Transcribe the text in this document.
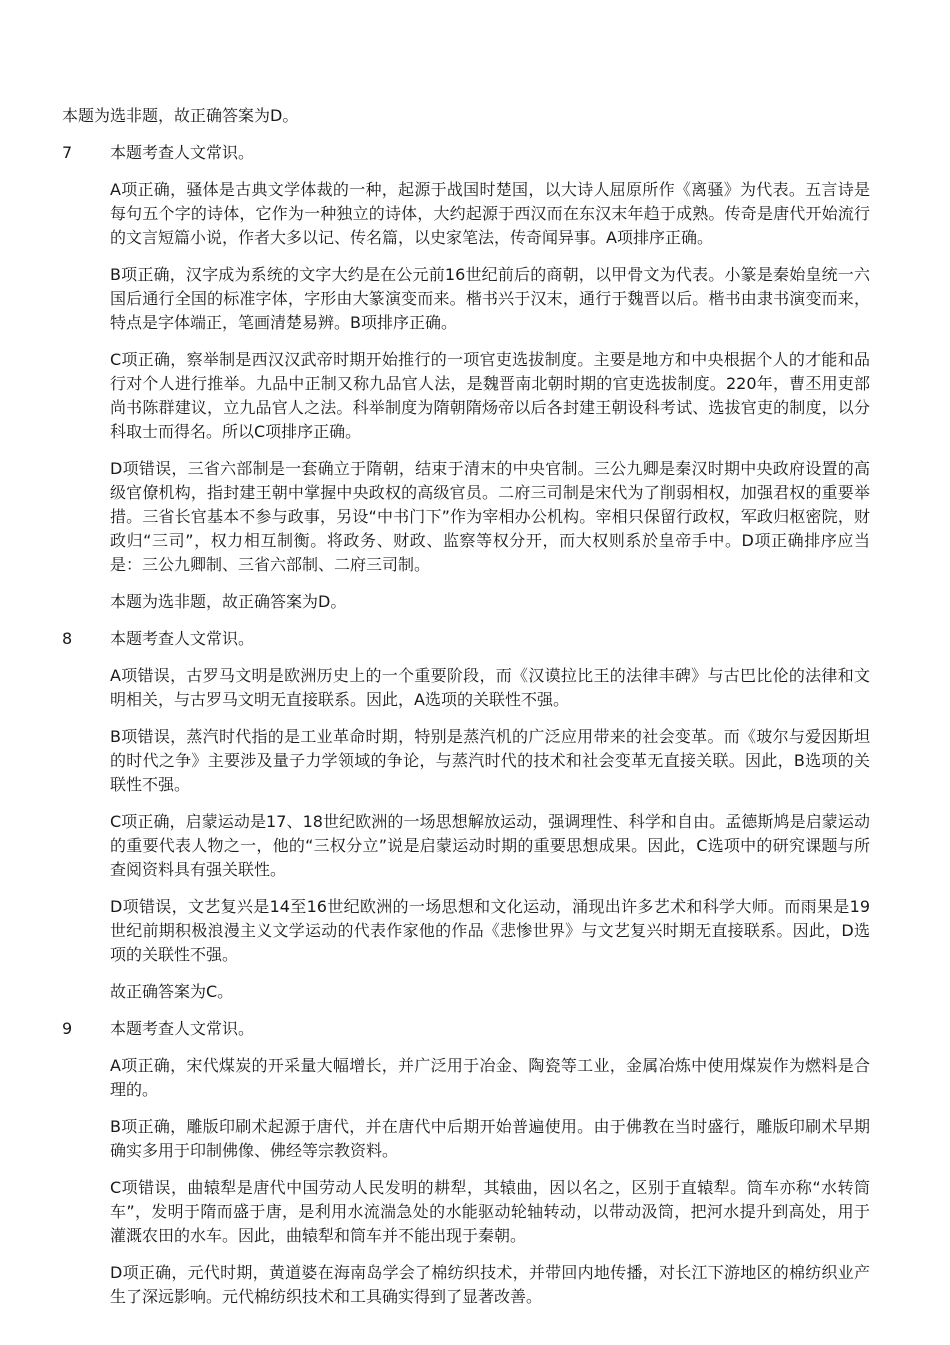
本题为选非题，故正确答案为D。

7	本题考查人文常识。

A项正确，骚体是古典文学体裁的一种，起源于战国时楚国，以大诗人屈原所作《离骚》为代表。五言诗是每句五个字的诗体，它作为一种独立的诗体，大约起源于西汉而在东汉末年趋于成熟。传奇是唐代开始流行的文言短篇小说，作者大多以记、传名篇，以史家笔法，传奇闻异事。A项排序正确。

B项正确，汉字成为系统的文字大约是在公元前16世纪前后的商朝，以甲骨文为代表。小篆是秦始皇统一六国后通行全国的标准字体，字形由大篆演变而来。楷书兴于汉末，通行于魏晋以后。楷书由隶书演变而来，特点是字体端正，笔画清楚易辨。B项排序正确。

C项正确，察举制是西汉汉武帝时期开始推行的一项官吏选拔制度。主要是地方和中央根据个人的才能和品行对个人进行推举。九品中正制又称九品官人法，是魏晋南北朝时期的官吏选拔制度。220年，曹丕用吏部尚书陈群建议，立九品官人之法。科举制度为隋朝隋炀帝以后各封建王朝设科考试、选拔官吏的制度，以分科取士而得名。所以C项排序正确。

D项错误，三省六部制是一套确立于隋朝，结束于清末的中央官制。三公九卿是秦汉时期中央政府设置的高级官僚机构，指封建王朝中掌握中央政权的高级官员。二府三司制是宋代为了削弱相权，加强君权的重要举措。三省长官基本不参与政事，另设“中书门下”作为宰相办公机构。宰相只保留行政权，军政归枢密院，财政归“三司”，权力相互制衡。将政务、财政、监察等权分开，而大权则系於皇帝手中。D项正确排序应当是：三公九卿制、三省六部制、二府三司制。

本题为选非题，故正确答案为D。

8	本题考查人文常识。

A项错误，古罗马文明是欧洲历史上的一个重要阶段，而《汉谟拉比王的法律丰碑》与古巴比伦的法律和文明相关，与古罗马文明无直接联系。因此，A选项的关联性不强。

B项错误，蒸汽时代指的是工业革命时期，特别是蒸汽机的广泛应用带来的社会变革。而《玻尔与爱因斯坦的时代之争》主要涉及量子力学领域的争论，与蒸汽时代的技术和社会变革无直接关联。因此，B选项的关联性不强。

C项正确，启蒙运动是17、18世纪欧洲的一场思想解放运动，强调理性、科学和自由。孟德斯鸠是启蒙运动的重要代表人物之一，他的“三权分立”说是启蒙运动时期的重要思想成果。因此，C选项中的研究课题与所查阅资料具有强关联性。

D项错误，文艺复兴是14至16世纪欧洲的一场思想和文化运动，涌现出许多艺术和科学大师。而雨果是19世纪前期积极浪漫主义文学运动的代表作家他的作品《悲惨世界》与文艺复兴时期无直接联系。因此，D选项的关联性不强。

故正确答案为C。

9	本题考查人文常识。

A项正确，宋代煤炭的开采量大幅增长，并广泛用于冶金、陶瓷等工业，金属冶炼中使用煤炭作为燃料是合理的。

B项正确，雕版印刷术起源于唐代，并在唐代中后期开始普遍使用。由于佛教在当时盛行，雕版印刷术早期确实多用于印制佛像、佛经等宗教资料。

C项错误，曲辕犁是唐代中国劳动人民发明的耕犁，其辕曲，因以名之，区别于直辕犁。筒车亦称“水转筒车”，发明于隋而盛于唐，是利用水流湍急处的水能驱动轮轴转动，以带动汲筒，把河水提升到高处，用于灌溉农田的水车。因此，曲辕犁和筒车并不能出现于秦朝。

D项正确，元代时期，黄道婆在海南岛学会了棉纺织技术，并带回内地传播，对长江下游地区的棉纺织业产生了深远影响。元代棉纺织技术和工具确实得到了显著改善。
